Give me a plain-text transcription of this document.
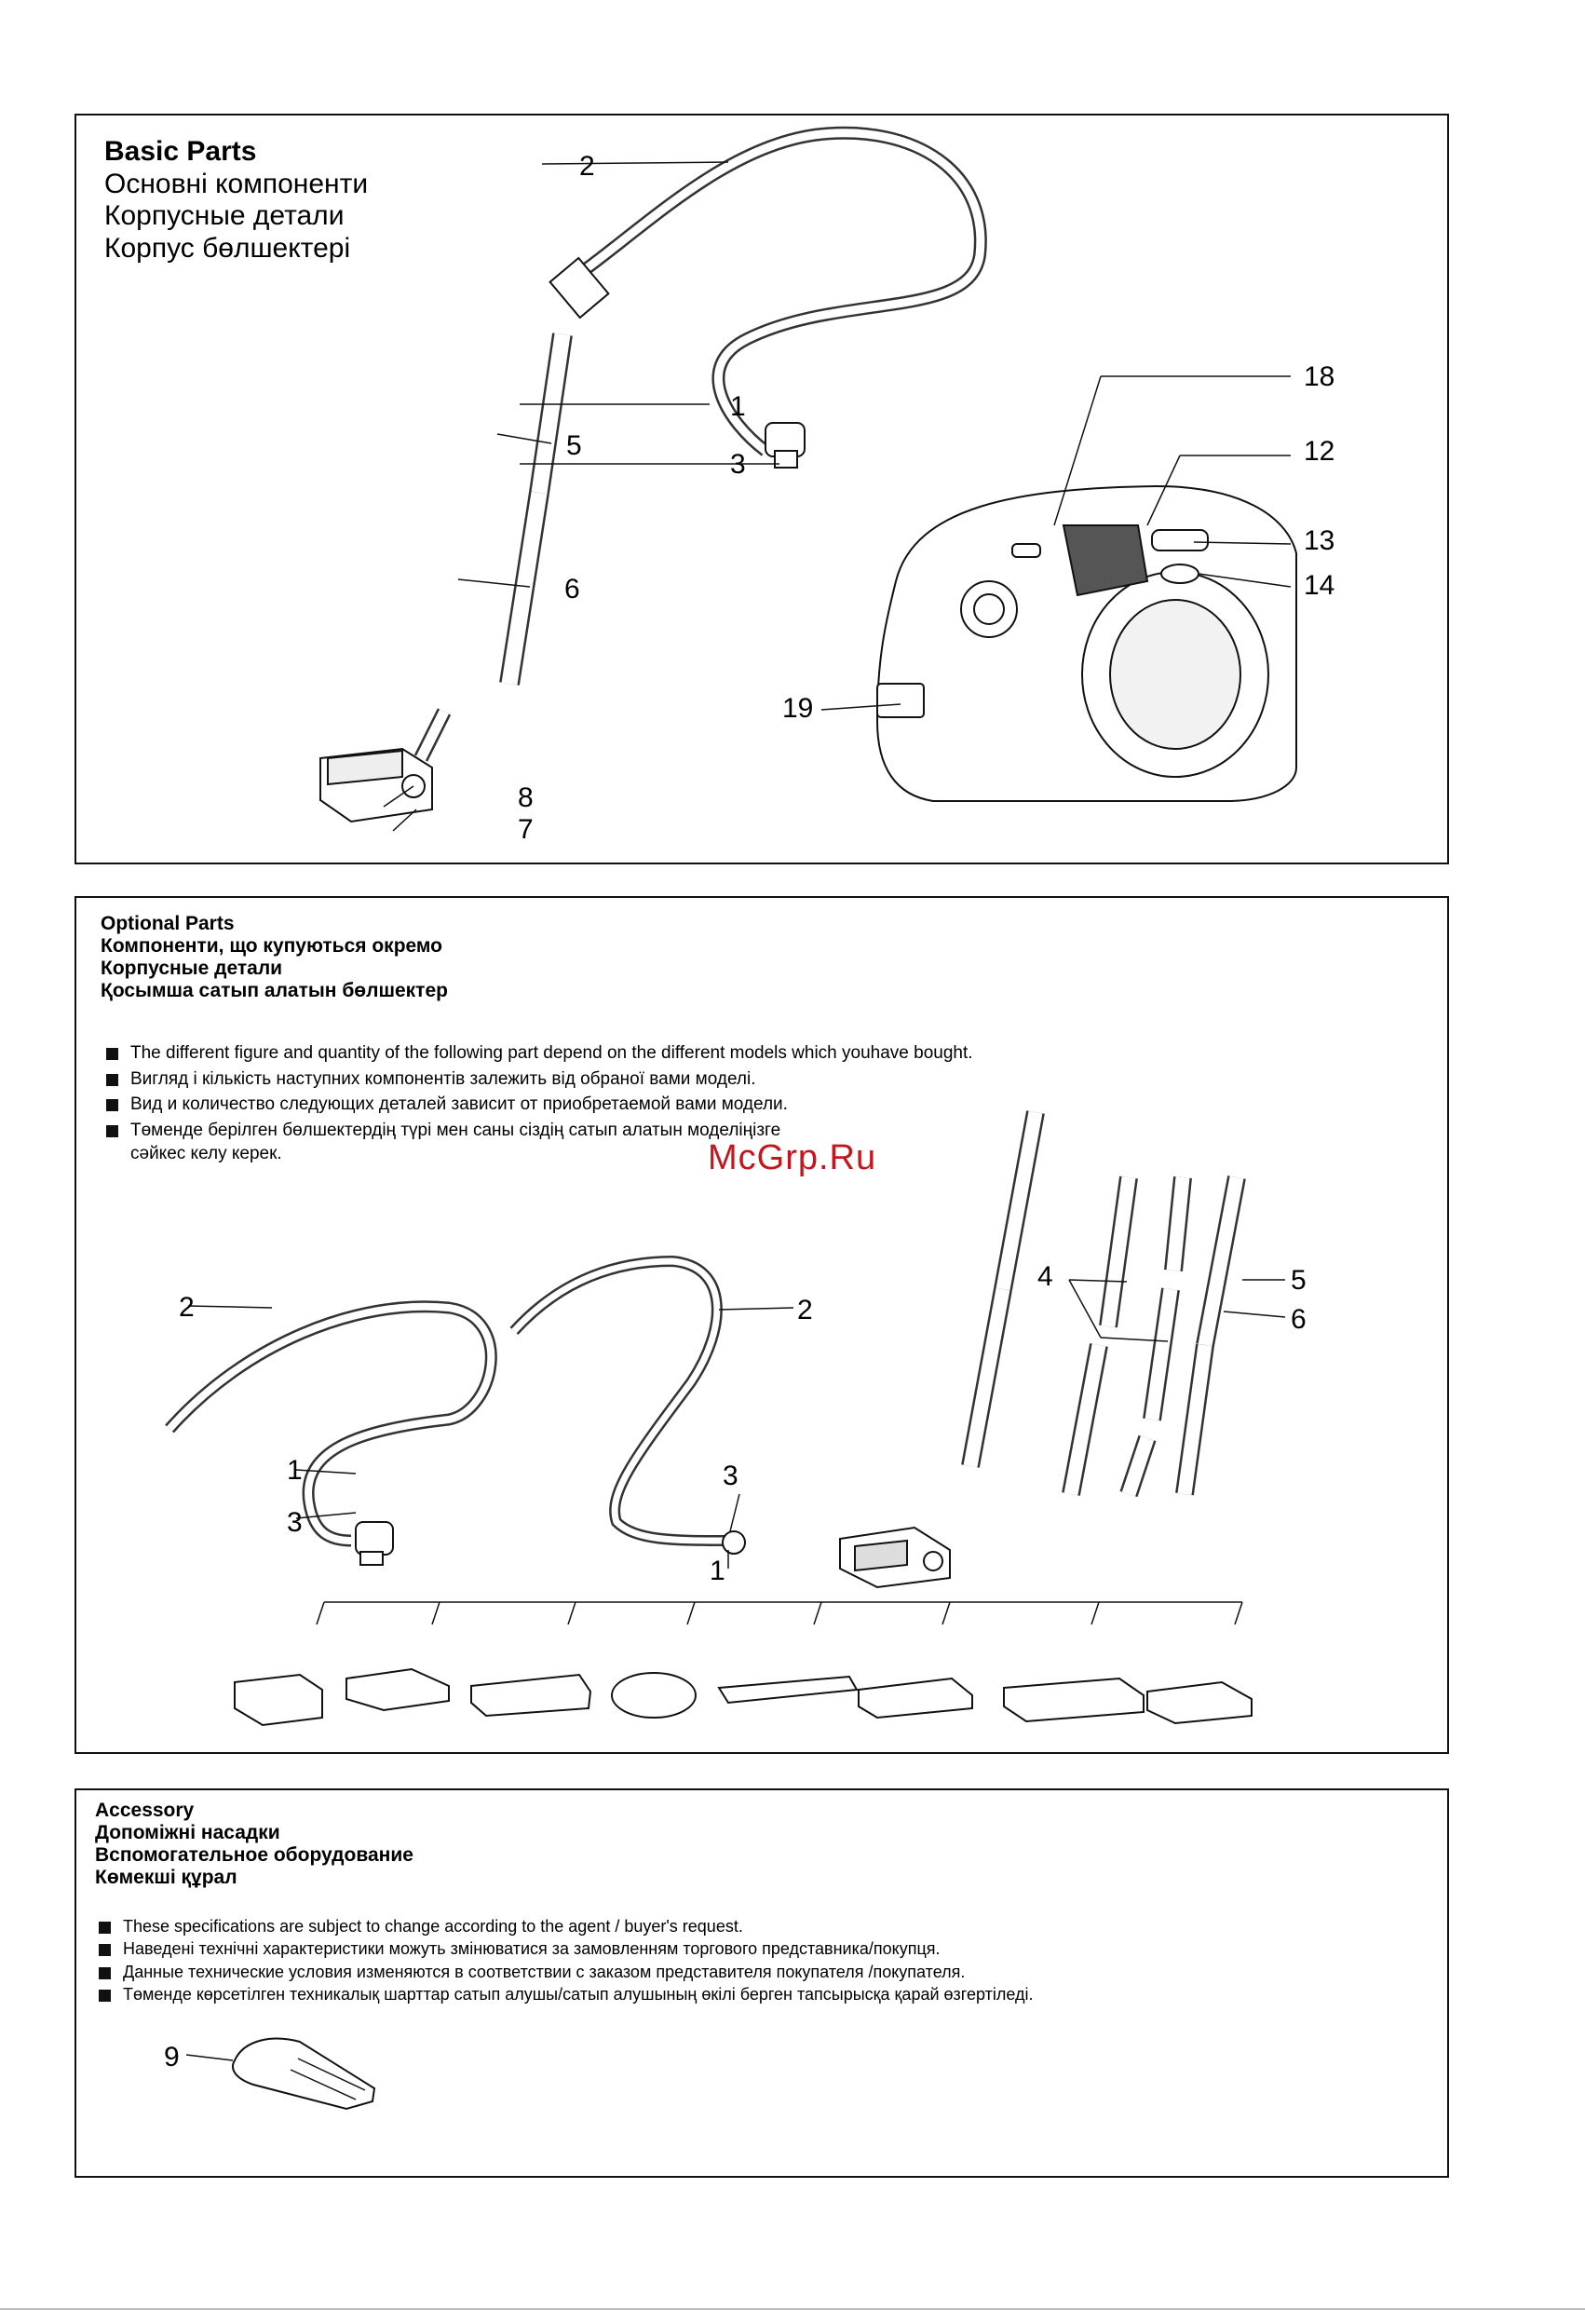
Basic Parts
Основні компоненти
Корпусные детали
Корпус бөлшектерi
2
1
3
5
6
8
7
18
12
13
14
19
Optional Parts
Компоненти, що купуються окремо
Корпусные детали
Қосымша сатып алатын бөлшектер
The different figure and quantity of the following part depend on the different models which youhave bought.
Вигляд і кількість наступних компонентів залежить від обраної вами моделі.
Вид и количество следующих деталей зависит от приобретаемой вами модели.
Төменде берілген бөлшектердің түрі мен саны сіздің сатып алатын моделіңізге сәйкес келу керек.
2
1
3
2
3
1
4	5
6
Accessory
Допоміжні насадки
Вспомогательное оборудование
Көмекші құрал
These specifications are subject to change according to the agent / buyer's request.
Наведені технічні характеристики можуть змінюватися за замовленням торгового представника/покупця.
Данные технические условия изменяются в соответствии с заказом представителя покупателя /покупателя.
Төменде көрсетілген техникалық шарттар сатып алушы/сатып алушының өкілі берген тапсырысқа қарай өзгертіледі.
9
McGrp.Ru
